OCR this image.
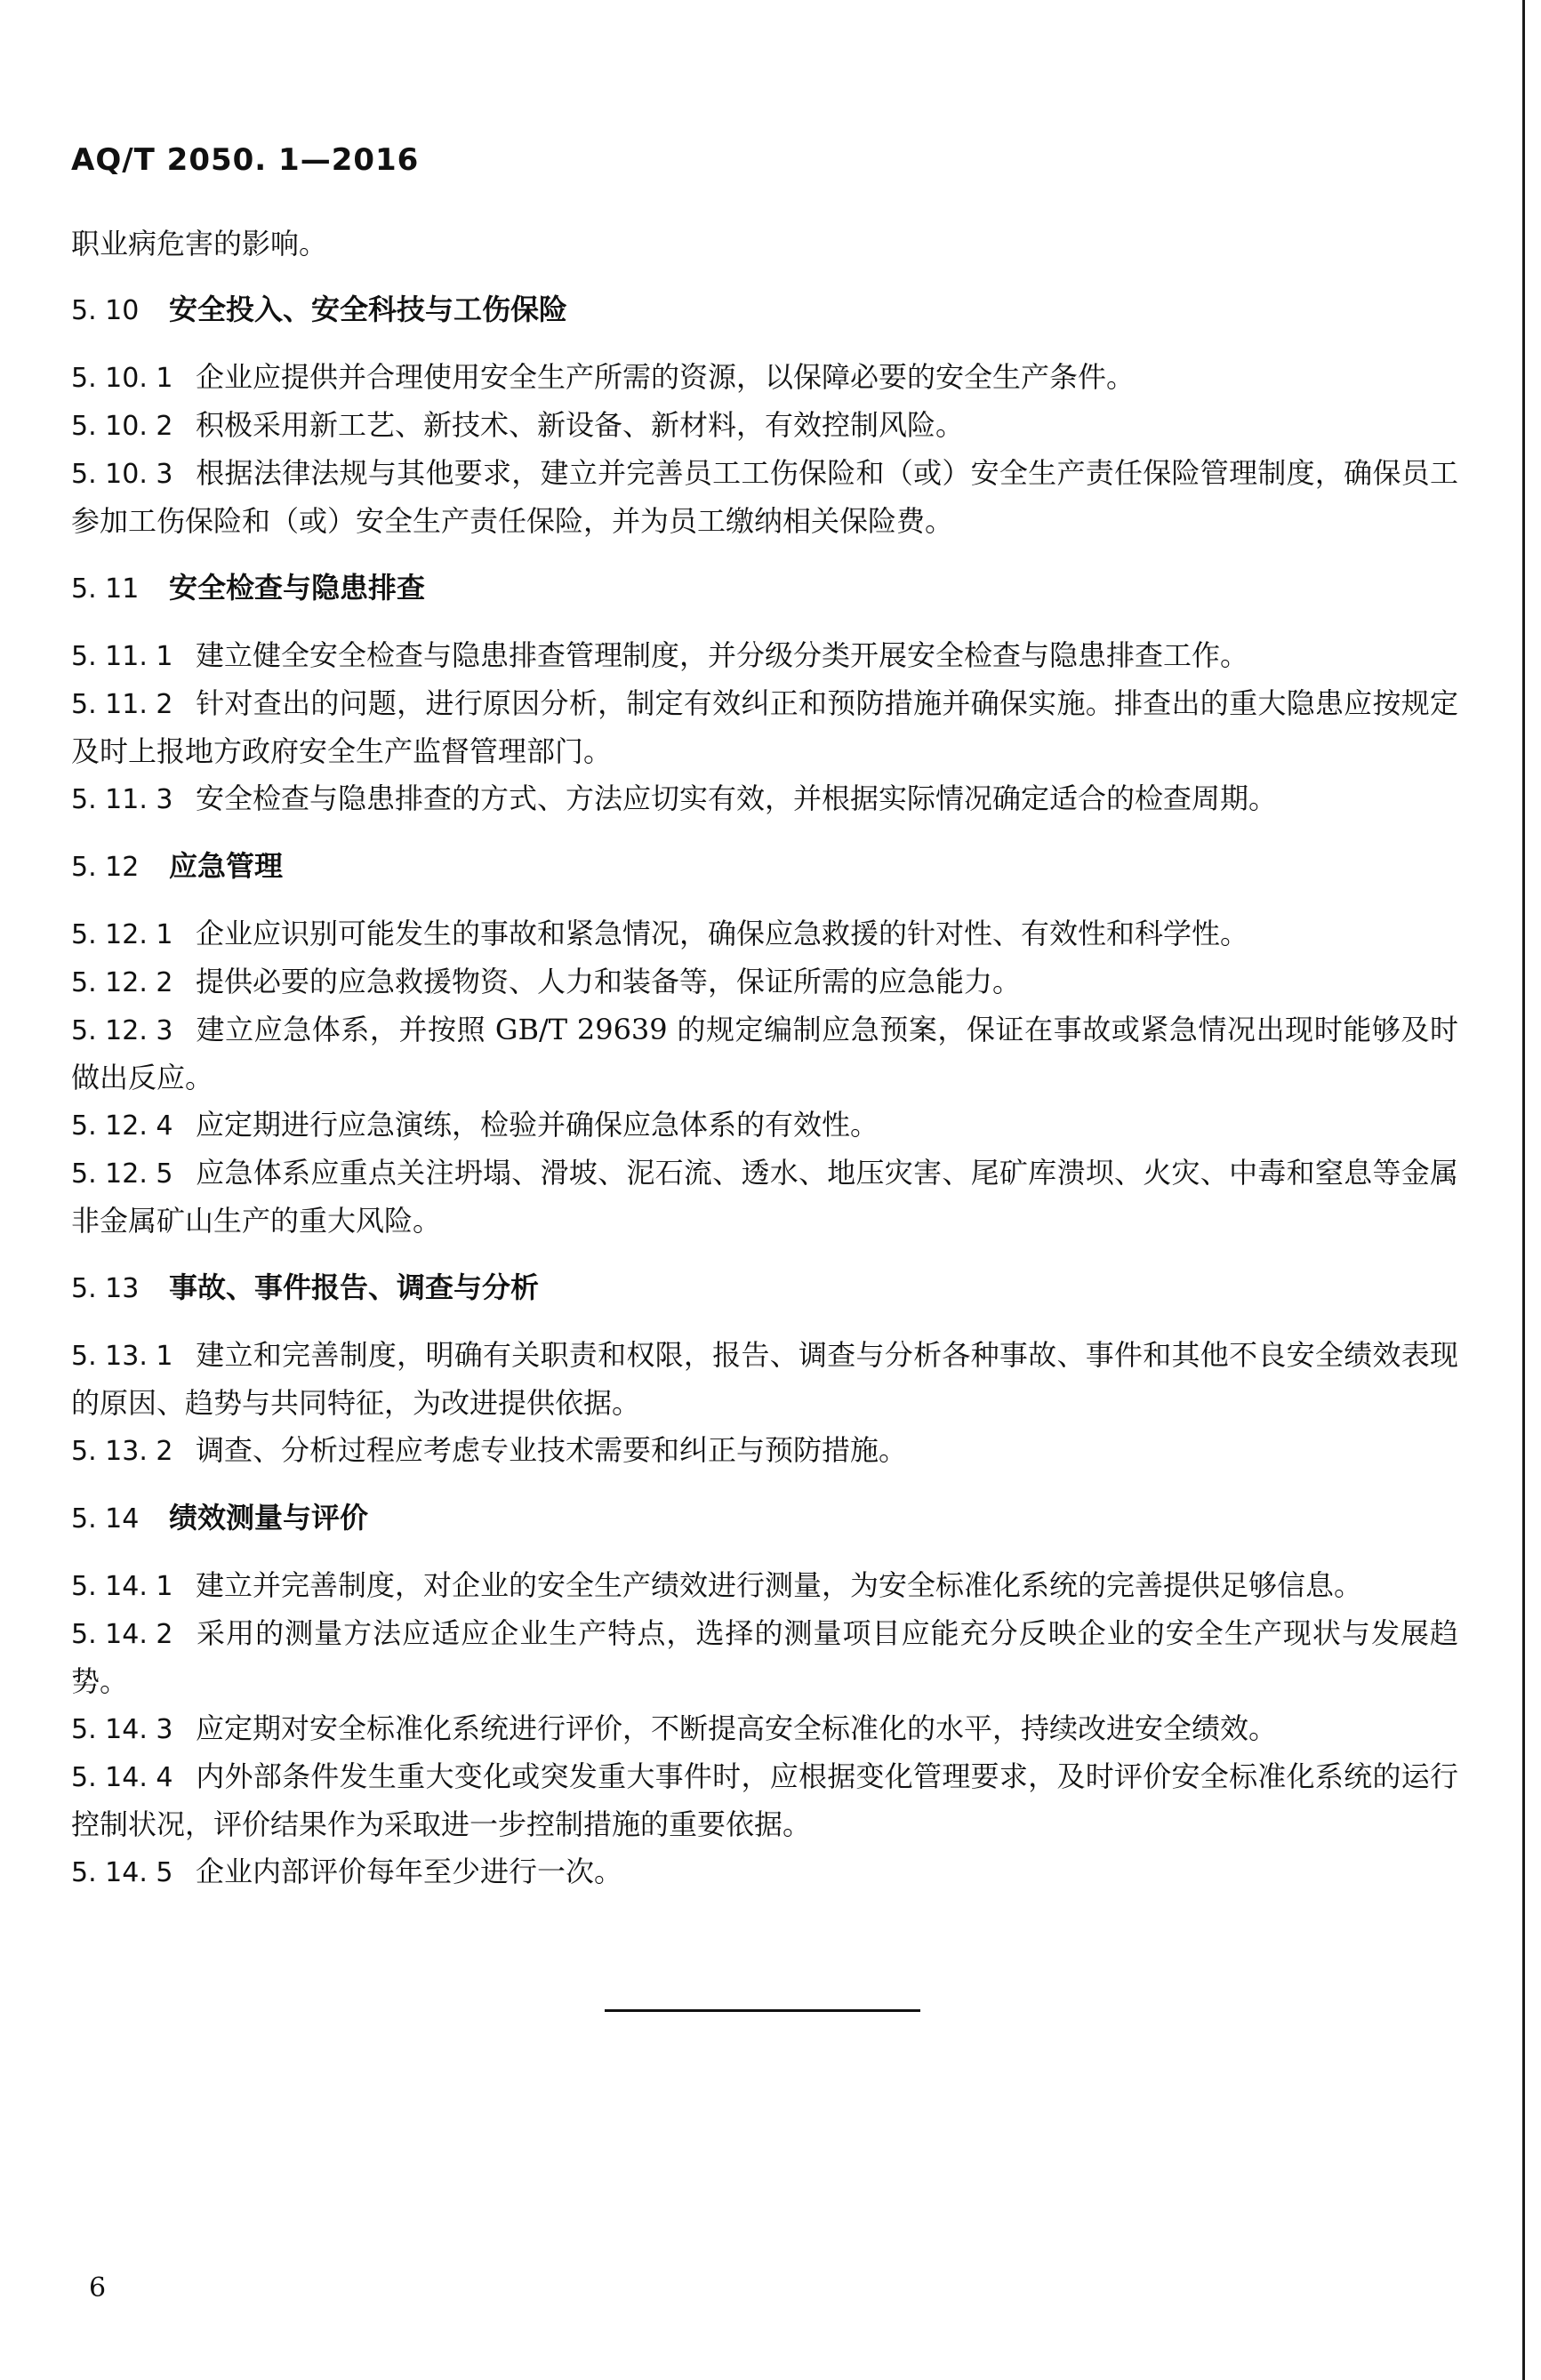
AQ/T 2050. 1—2016

职业病危害的影响。

5. 10 安全投入、安全科技与工伤保险
5. 10. 1 企业应提供并合理使用安全生产所需的资源，以保障必要的安全生产条件。
5. 10. 2 积极采用新工艺、新技术、新设备、新材料，有效控制风险。
5. 10. 3 根据法律法规与其他要求，建立并完善员工工伤保险和（或）安全生产责任保险管理制度，确保员工参加工伤保险和（或）安全生产责任保险，并为员工缴纳相关保险费。
5. 11 安全检查与隐患排查
5. 11. 1 建立健全安全检查与隐患排查管理制度，并分级分类开展安全检查与隐患排查工作。
5. 11. 2 针对查出的问题，进行原因分析，制定有效纠正和预防措施并确保实施。排查出的重大隐患应按规定及时上报地方政府安全生产监督管理部门。
5. 11. 3 安全检查与隐患排查的方式、方法应切实有效，并根据实际情况确定适合的检查周期。
5. 12 应急管理
5. 12. 1 企业应识别可能发生的事故和紧急情况，确保应急救援的针对性、有效性和科学性。
5. 12. 2 提供必要的应急救援物资、人力和装备等，保证所需的应急能力。
5. 12. 3 建立应急体系，并按照 GB/T 29639 的规定编制应急预案，保证在事故或紧急情况出现时能够及时做出反应。
5. 12. 4 应定期进行应急演练，检验并确保应急体系的有效性。
5. 12. 5 应急体系应重点关注坍塌、滑坡、泥石流、透水、地压灾害、尾矿库溃坝、火灾、中毒和窒息等金属非金属矿山生产的重大风险。
5. 13 事故、事件报告、调查与分析
5. 13. 1 建立和完善制度，明确有关职责和权限，报告、调查与分析各种事故、事件和其他不良安全绩效表现的原因、趋势与共同特征，为改进提供依据。
5. 13. 2 调查、分析过程应考虑专业技术需要和纠正与预防措施。
5. 14 绩效测量与评价
5. 14. 1 建立并完善制度，对企业的安全生产绩效进行测量，为安全标准化系统的完善提供足够信息。
5. 14. 2 采用的测量方法应适应企业生产特点，选择的测量项目应能充分反映企业的安全生产现状与发展趋势。
5. 14. 3 应定期对安全标准化系统进行评价，不断提高安全标准化的水平，持续改进安全绩效。
5. 14. 4 内外部条件发生重大变化或突发重大事件时，应根据变化管理要求，及时评价安全标准化系统的运行控制状况，评价结果作为采取进一步控制措施的重要依据。
5. 14. 5 企业内部评价每年至少进行一次。
6
